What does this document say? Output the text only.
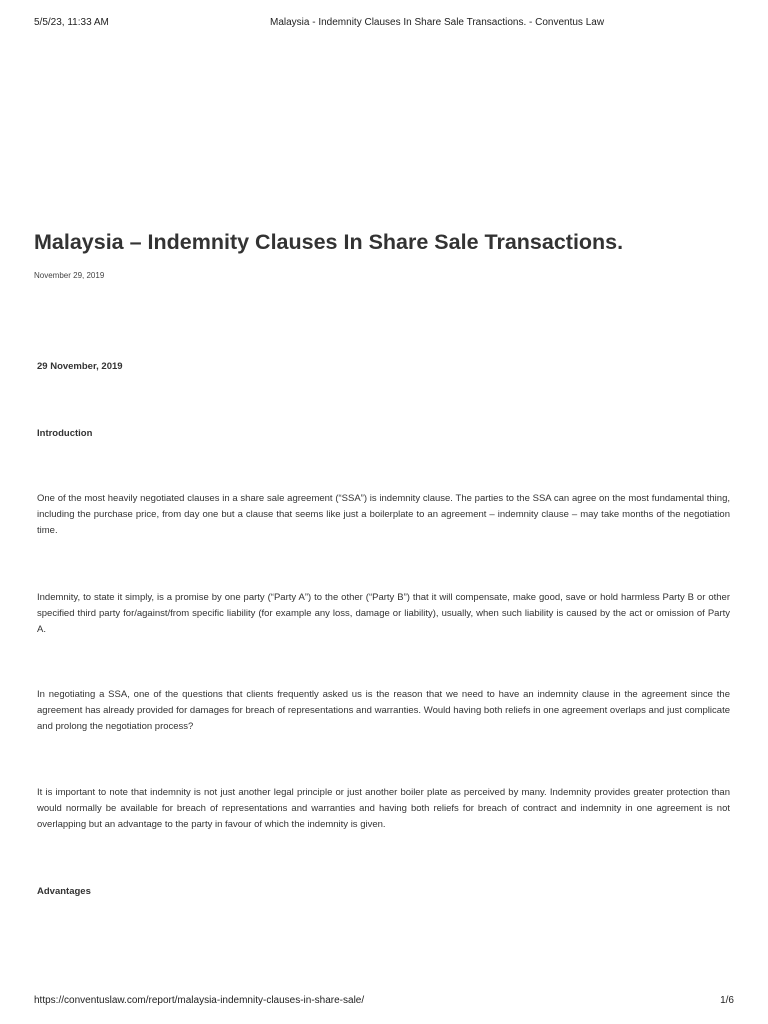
5/5/23, 11:33 AM	Malaysia - Indemnity Clauses In Share Sale Transactions. - Conventus Law
Malaysia – Indemnity Clauses In Share Sale Transactions.
November 29, 2019
29 November, 2019
Introduction

One of the most heavily negotiated clauses in a share sale agreement (“SSA”) is indemnity clause. The parties to the SSA can agree on the most fundamental thing, including the purchase price, from day one but a clause that seems like just a boilerplate to an agreement – indemnity clause – may take months of the negotiation time.

Indemnity, to state it simply, is a promise by one party (“Party A”) to the other (“Party B”) that it will compensate, make good, save or hold harmless Party B or other specified third party for/against/from specific liability (for example any loss, damage or liability), usually, when such liability is caused by the act or omission of Party A.

In negotiating a SSA, one of the questions that clients frequently asked us is the reason that we need to have an indemnity clause in the agreement since the agreement has already provided for damages for breach of representations and warranties. Would having both reliefs in one agreement overlaps and just complicate and prolong the negotiation process?

It is important to note that indemnity is not just another legal principle or just another boiler plate as perceived by many. Indemnity provides greater protection than would normally be available for breach of representations and warranties and having both reliefs for breach of contract and indemnity in one agreement is not overlapping but an advantage to the party in favour of which the indemnity is given.

Advantages
https://conventuslaw.com/report/malaysia-indemnity-clauses-in-share-sale/	1/6
